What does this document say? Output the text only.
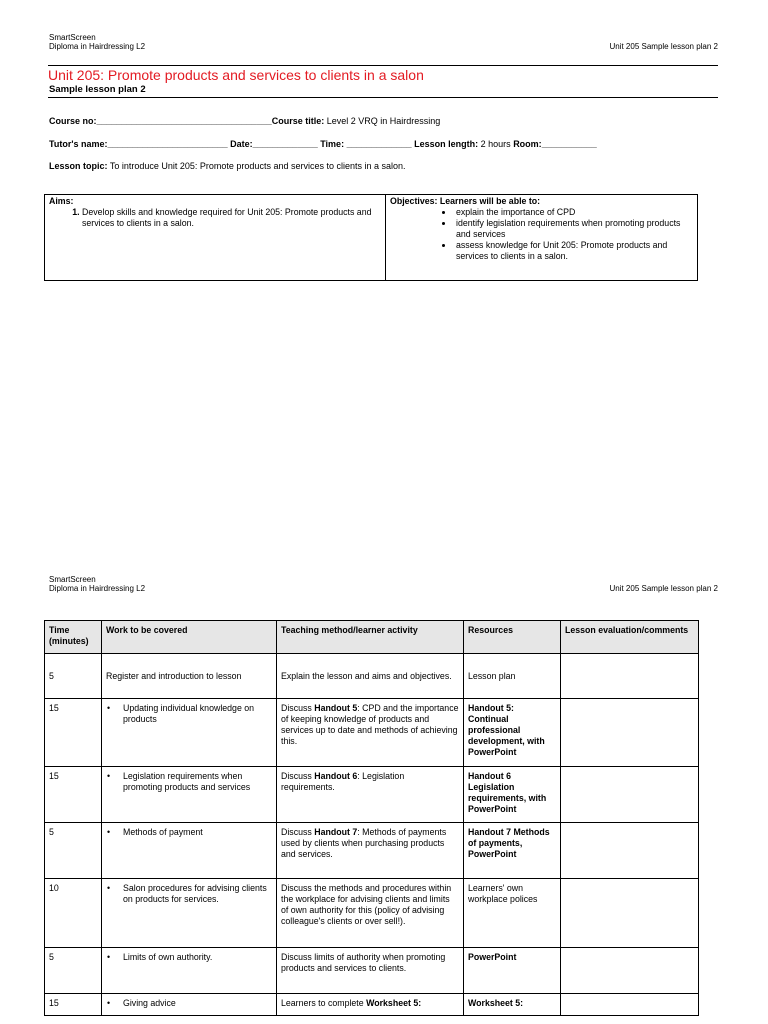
SmartScreen
Diploma in Hairdressing L2	Unit 205 Sample lesson plan 2
Unit 205: Promote products and services to clients in a salon
Sample lesson plan 2
Course no:___________________________________Course title: Level 2 VRQ in Hairdressing
Tutor's name:________________________ Date:_____________ Time: _____________ Lesson length: 2 hours Room:___________
Lesson topic: To introduce Unit 205: Promote products and services to clients in a salon.
Aims:
1. Develop skills and knowledge required for Unit 205: Promote products and services to clients in a salon.
Objectives: Learners will be able to:
• explain the importance of CPD
• identify legislation requirements when promoting products and services
• assess knowledge for Unit 205: Promote products and services to clients in a salon.
SmartScreen
Diploma in Hairdressing L2	Unit 205 Sample lesson plan 2
Time (minutes)	Work to be covered	Teaching method/learner activity	Resources	Lesson evaluation/comments
5	Register and introduction to lesson	Explain the lesson and aims and objectives.	Lesson plan	
15	• Updating individual knowledge on products	Discuss Handout 5: CPD and the importance of keeping knowledge of products and services up to date and methods of achieving this.	Handout 5: Continual professional development, with PowerPoint	
15	• Legislation requirements when promoting products and services	Discuss Handout 6: Legislation requirements.	Handout 6 Legislation requirements, with PowerPoint	
5	• Methods of payment	Discuss Handout 7: Methods of payments used by clients when purchasing products and services.	Handout 7 Methods of payments, PowerPoint	
10	• Salon procedures for advising clients on products for services.	Discuss the methods and procedures within the workplace for advising clients and limits of own authority for this (policy of advising colleague's clients or over sell!).	Learners' own workplace polices	
5	• Limits of own authority.	Discuss limits of authority when promoting products and services to clients.	PowerPoint	
15	• Giving advice	Learners to complete Worksheet 5:	Worksheet 5:	
